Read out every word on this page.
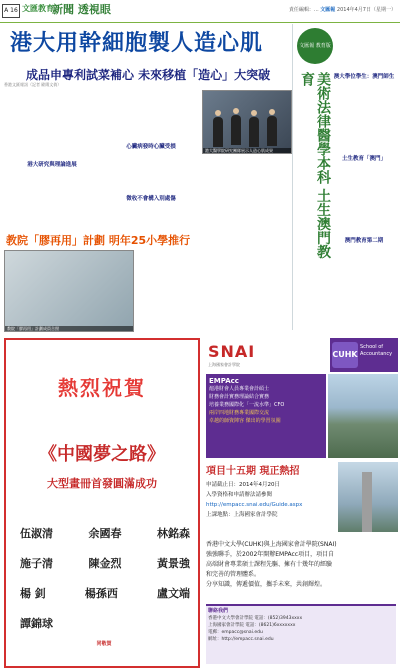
A 16 文匯教育
新聞 透視眼	責任編輯：... 文匯報 2014年4月7日（星期一）
港大用幹細胞製人造心肌
成品申專利試菜補心 未來移植「造心」大突破
香港文匯報訊（記者 歐陽文倩）
港大研究與理論進展
心臟病發時心臟受損
徵收不會構入別處傷
港大醫學院研究團隊展示人造心肌成果
教院「膠再用」計劃 明年25小學推行
教院「膠再用」計劃成員合照
文匯報 教育版
美術法律醫學本科 土生澳門教育	澳大學位學生：澳門師生
土生教育「澳門」
澳門教育第二期
熱烈祝賀
《中國夢之路》
大型畫冊首發圓滿成功
伍淑清	余國春	林銘森
施子清	陳金烈	黃景強
楊 釗	楊孫西	盧文端
譚錦球
同敬賀
SNAI
上海國家會計學院
CUHK
School of Accountancy
EMPAcc
滬港財會人員專業會計碩士
財務會計實務理論結合實務
培養業務國際化「一流水準」CFO
兩岸四地財務專業國際交流
卓越的師資陣容 傑出的學習氛圍
項目十五期 現正熱招
申請截止日：2014年4月20日
入學資格和申請辦法請參閱
http://empacc.snai.edu/Guide.aspx
上課地點：上海國家會計學院
香港中文大學(CUHK)與上海國家會計學院(SNAI)
強強聯手，於2002年開辦EMPAcc項目，項目自
高端財會專業碩士課程先驅、擁有十幾年的經驗
和完善的管理體系。
分享知識，傳遞價值，攜手未來，共創輝煌。
聯絡我們
香港中文大學會計學院 電話：(852)3943xxxx
上海國家會計學院 電話：(8621)6xxxxxxx
電郵：empacc@snai.edu
網址：http://empacc.snai.edu
